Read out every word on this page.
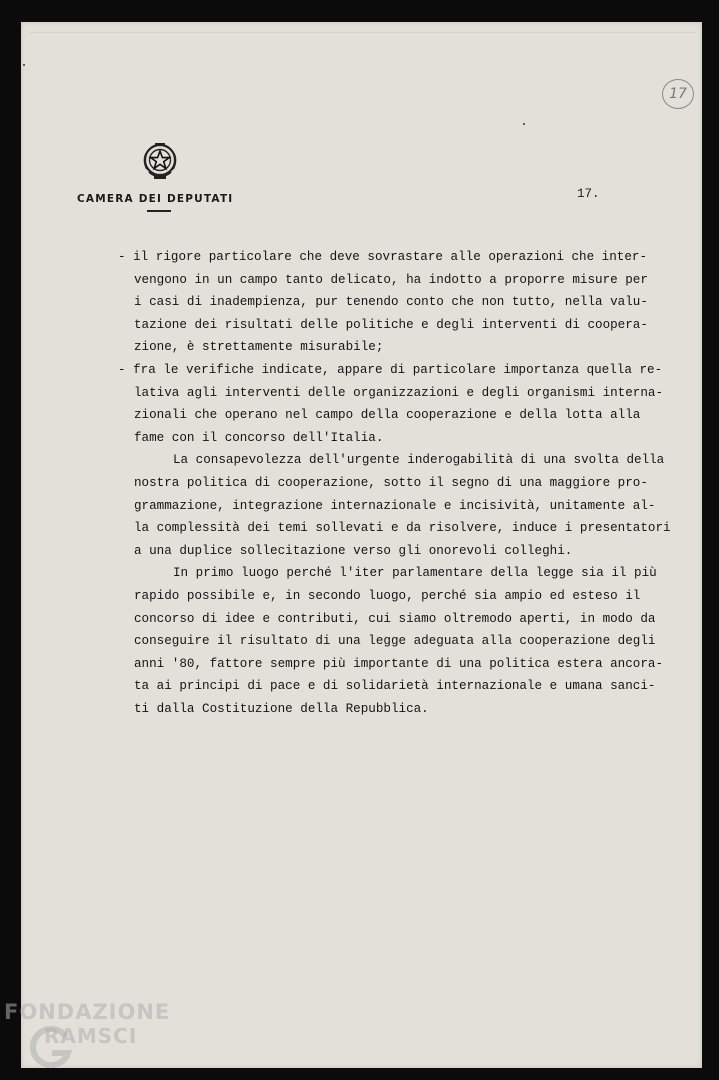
17
CAMERA DEI DEPUTATI	17.
- il rigore particolare che deve sovrastare alle operazioni che inter-
vengono in un campo tanto delicato, ha indotto a proporre misure per
i casi di inadempienza, pur tenendo conto che non tutto, nella valu-
tazione dei risultati delle politiche e degli interventi di coopera-
zione, è strettamente misurabile;
- fra le verifiche indicate, appare di particolare importanza quella re-
lativa agli interventi delle organizzazioni e degli organismi interna-
zionali che operano nel campo della cooperazione e della lotta alla
fame con il concorso dell'Italia.
La consapevolezza dell'urgente inderogabilità di una svolta della
nostra politica di cooperazione, sotto il segno di una maggiore pro-
grammazione, integrazione internazionale e incisività, unitamente al-
la complessità dei temi sollevati e da risolvere, induce i presentatori
a una duplice sollecitazione verso gli onorevoli colleghi.
In primo luogo perché l'iter parlamentare della legge sia il più
rapido possibile e, in secondo luogo, perché sia ampio ed esteso il
concorso di idee e contributi, cui siamo oltremodo aperti, in modo da
conseguire il risultato di una legge adeguata alla cooperazione degli
anni '80, fattore sempre più importante di una politica estera ancora-
ta ai principi di pace e di solidarietà internazionale e umana sanci-
ti dalla Costituzione della Repubblica.
FONDAZIONE
RAMSCI
